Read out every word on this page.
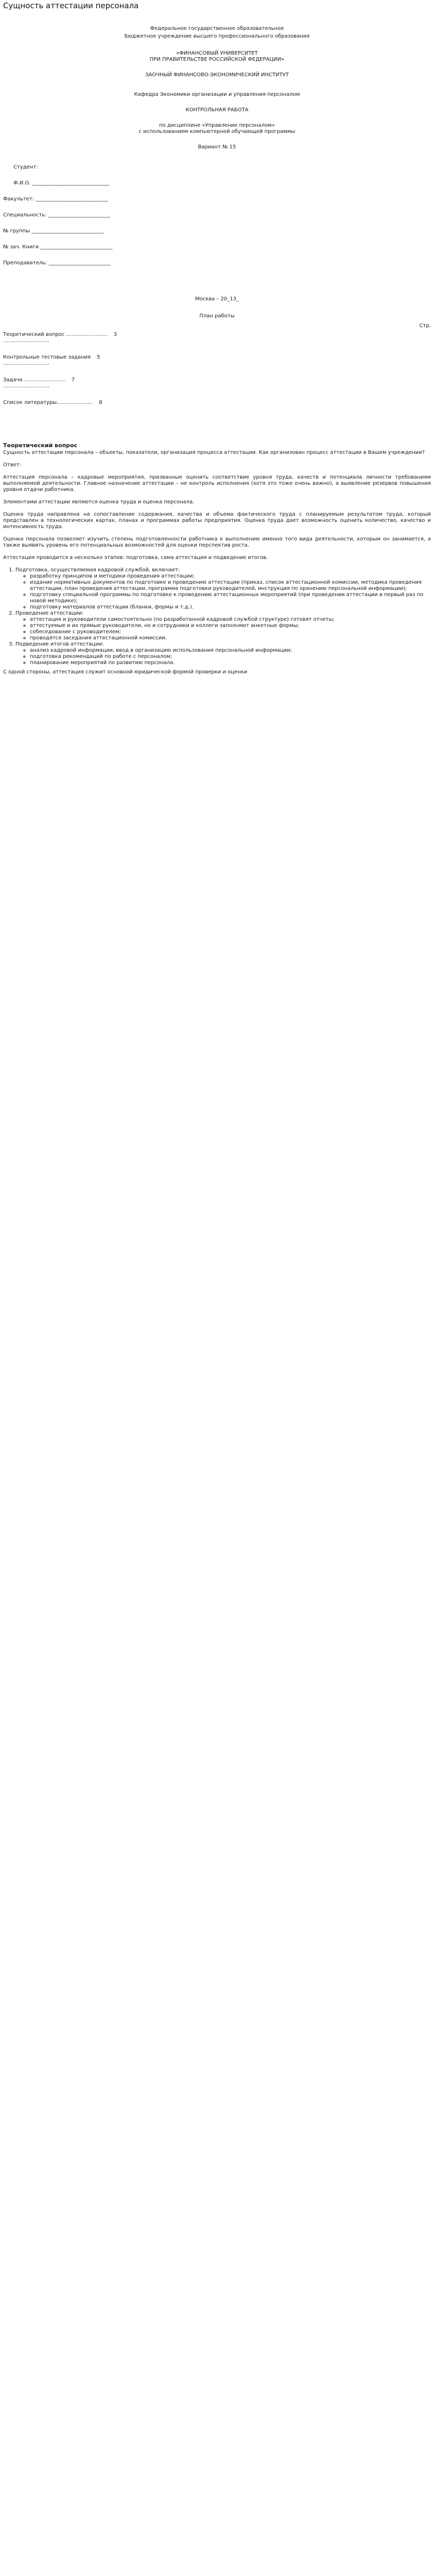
Сущность аттестации персонала

Федеральное государственное образовательное

Бюджетное учреждение высшего профессионального образования

«ФИНАНСОВЫЙ УНИВЕРСИТЕТ

ПРИ ПРАВИТЕЛЬСТВЕ РОССИЙСКОЙ ФЕДЕРАЦИИ»

ЗАОЧНЫЙ ФИНАНСОВО-ЭКОНОМИЧЕСКИЙ ИНСТИТУТ

Кафедра Экономики организации и управления персоналом

КОНТРОЛЬНАЯ РАБОТА

по дисциплине «Управление персоналом»

с использованием компьютерной обучающей программы

Вариант № 15

Студент:
Ф.И.О. ______________________________
Факультет: ____________________________
Специальность: ________________________
№ группы ____________________________
№ зач. Книги ____________________________
Преподаватель: ________________________

Москва – 20_13_

План работы

Стр.

Теоретический вопрос …………………… 3
………………………
Контрольные тестовые задания 5
………………………
Задача …………………… 7
………………………
Список литературы………………… 8
Теоретический вопрос

Сущность аттестации персонала – объекты, показатели, организация процесса аттестации. Как организован процесс аттестации в Вашем учреждении?

Ответ:

Аттестация персонала – кадровые мероприятия, призванные оценить соответствие уровня труда, качеств и потенциала личности требованиям выполняемой деятельности. Главное назначение аттестации – не контроль исполнения (хотя это тоже очень важно), а выявление резервов повышения уровня отдачи работника.

Элементами аттестации являются оценка труда и оценка персонала.

Оценка труда направлена на сопоставление содержания, качества и объема фактического труда с планируемым результатом труда, который представлен в технологических картах, планах и программах работы предприятия. Оценка труда дает возможность оценить количество, качество и интенсивность труда.

Оценка персонала позволяет изучить степень подготовленности работника к выполнению именно того вида деятельности, которым он занимается, а также выявить уровень его потенциальных возможностей для оценки перспектив роста.

Аттестация проводится в несколько этапов: подготовка, сама аттестация и подведение итогов.

1. Подготовка, осуществляемая кадровой службой, включает:
◦ разработку принципов и методики проведения аттестации;
◦ издание нормативных документов по подготовке и проведению аттестации (приказ, список аттестационной комиссии, методика проведения аттестации, план проведения аттестации, программа подготовки руководителей, инструкция по хранению персональной информации);
◦ подготовку специальной программы по подготовке к проведению аттестационных мероприятий (при проведении аттестации в первый раз по новой методике);
◦ подготовку материалов аттестации (бланки, формы и т.д.).
2. Проведение аттестации:
◦ аттестация и руководители самостоятельно (по разработанной кадровой службой структуре) готовят отчеты;
◦ аттестуемые и их прямые руководители, но и сотрудники и коллеги заполняют анкетные формы;
◦ собеседование с руководителем;
◦ проводятся заседания аттестационной комиссии.
3. Подведение итогов аттестации:
◦ анализ кадровой информации, ввод в организацию использования персональной информации;
◦ подготовка рекомендаций по работе с персоналом;
◦ планирование мероприятий по развитию персонала.

С одной стороны, аттестация служит основной юридической формой проверки и оценки
